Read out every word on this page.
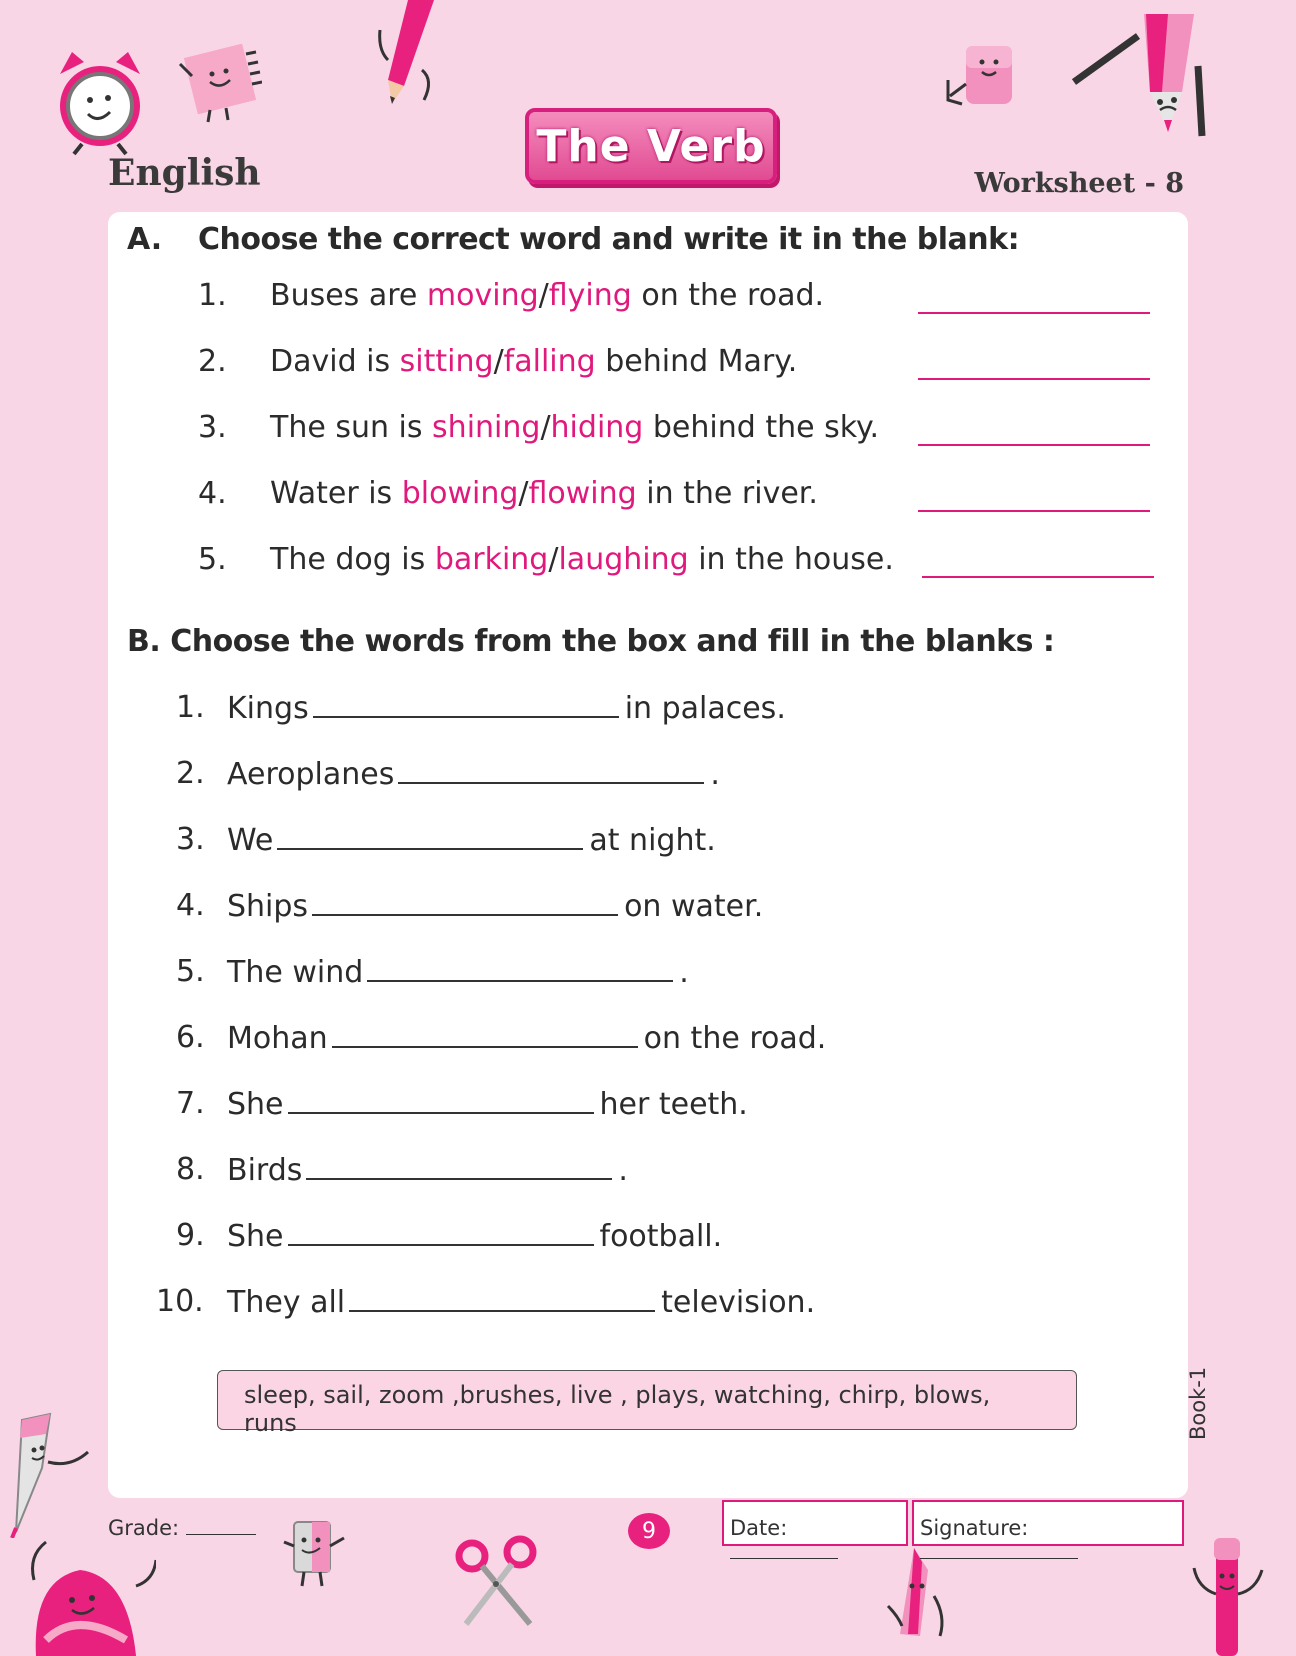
English
The Verb
Worksheet - 8
A. Choose the correct word and write it in the blank:
1. Buses are moving/flying on the road.
2. David is sitting/falling behind Mary.
3. The sun is shining/hiding behind the sky.
4. Water is blowing/flowing in the river.
5. The dog is barking/laughing in the house.
1. Kings	in palaces.
2. Aeroplanes	.
3. We	at night.
4. Ships	on water.
5. The wind	.
6. Mohan	on the road.
7. She	her teeth.
8. Birds	.
9. She	football.
10. They all	television.
B. Choose the words from the box and fill in the blanks :
sleep, sail, zoom ,brushes, live , plays, watching, chirp, blows, runs
Grade:	9	Date:	Signature:
Book-1
